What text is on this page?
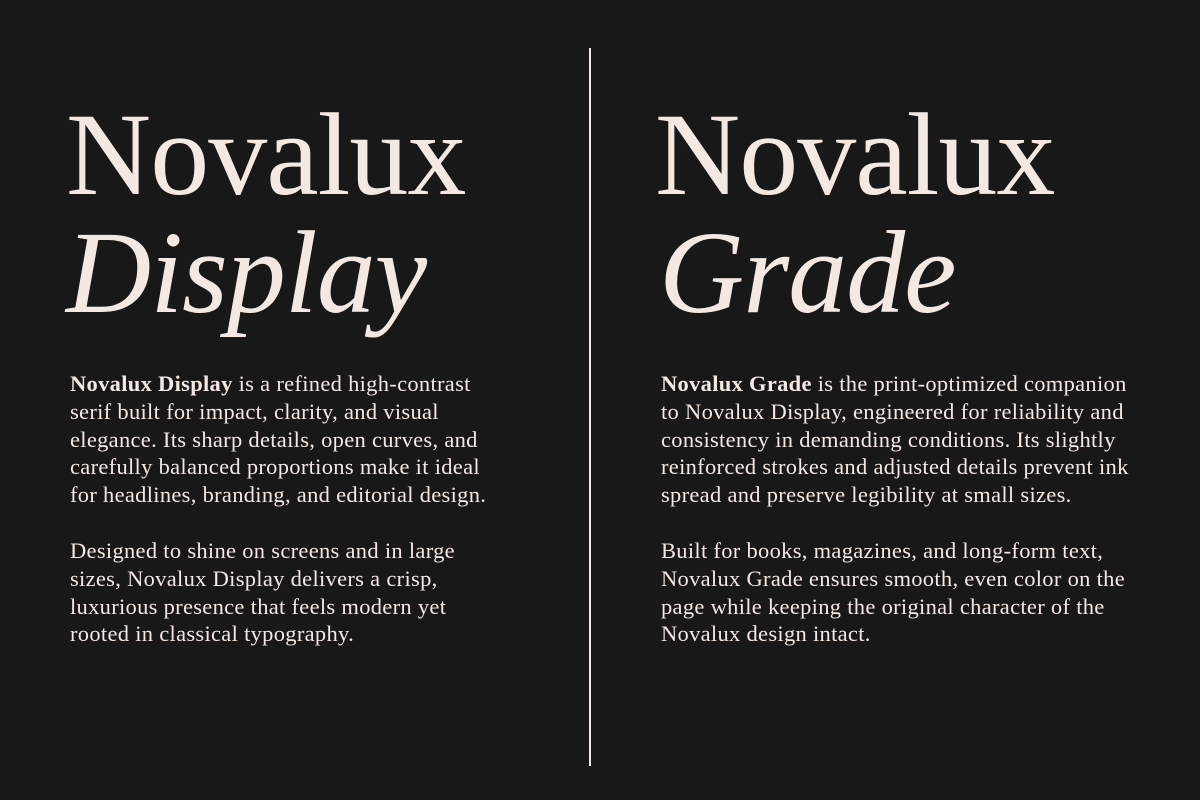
Novalux
Display

Novalux Display is a refined high-contrast serif built for impact, clarity, and visual elegance. Its sharp details, open curves, and carefully balanced proportions make it ideal for headlines, branding, and editorial design.

Designed to shine on screens and in large sizes, Novalux Display delivers a crisp, luxurious presence that feels modern yet rooted in classical typography.

Novalux
Grade

Novalux Grade is the print-optimized companion to Novalux Display, engineered for reliability and consistency in demanding conditions. Its slightly reinforced strokes and adjusted details prevent ink spread and preserve legibility at small sizes.

Built for books, magazines, and long-form text, Novalux Grade ensures smooth, even color on the page while keeping the original character of the Novalux design intact.
